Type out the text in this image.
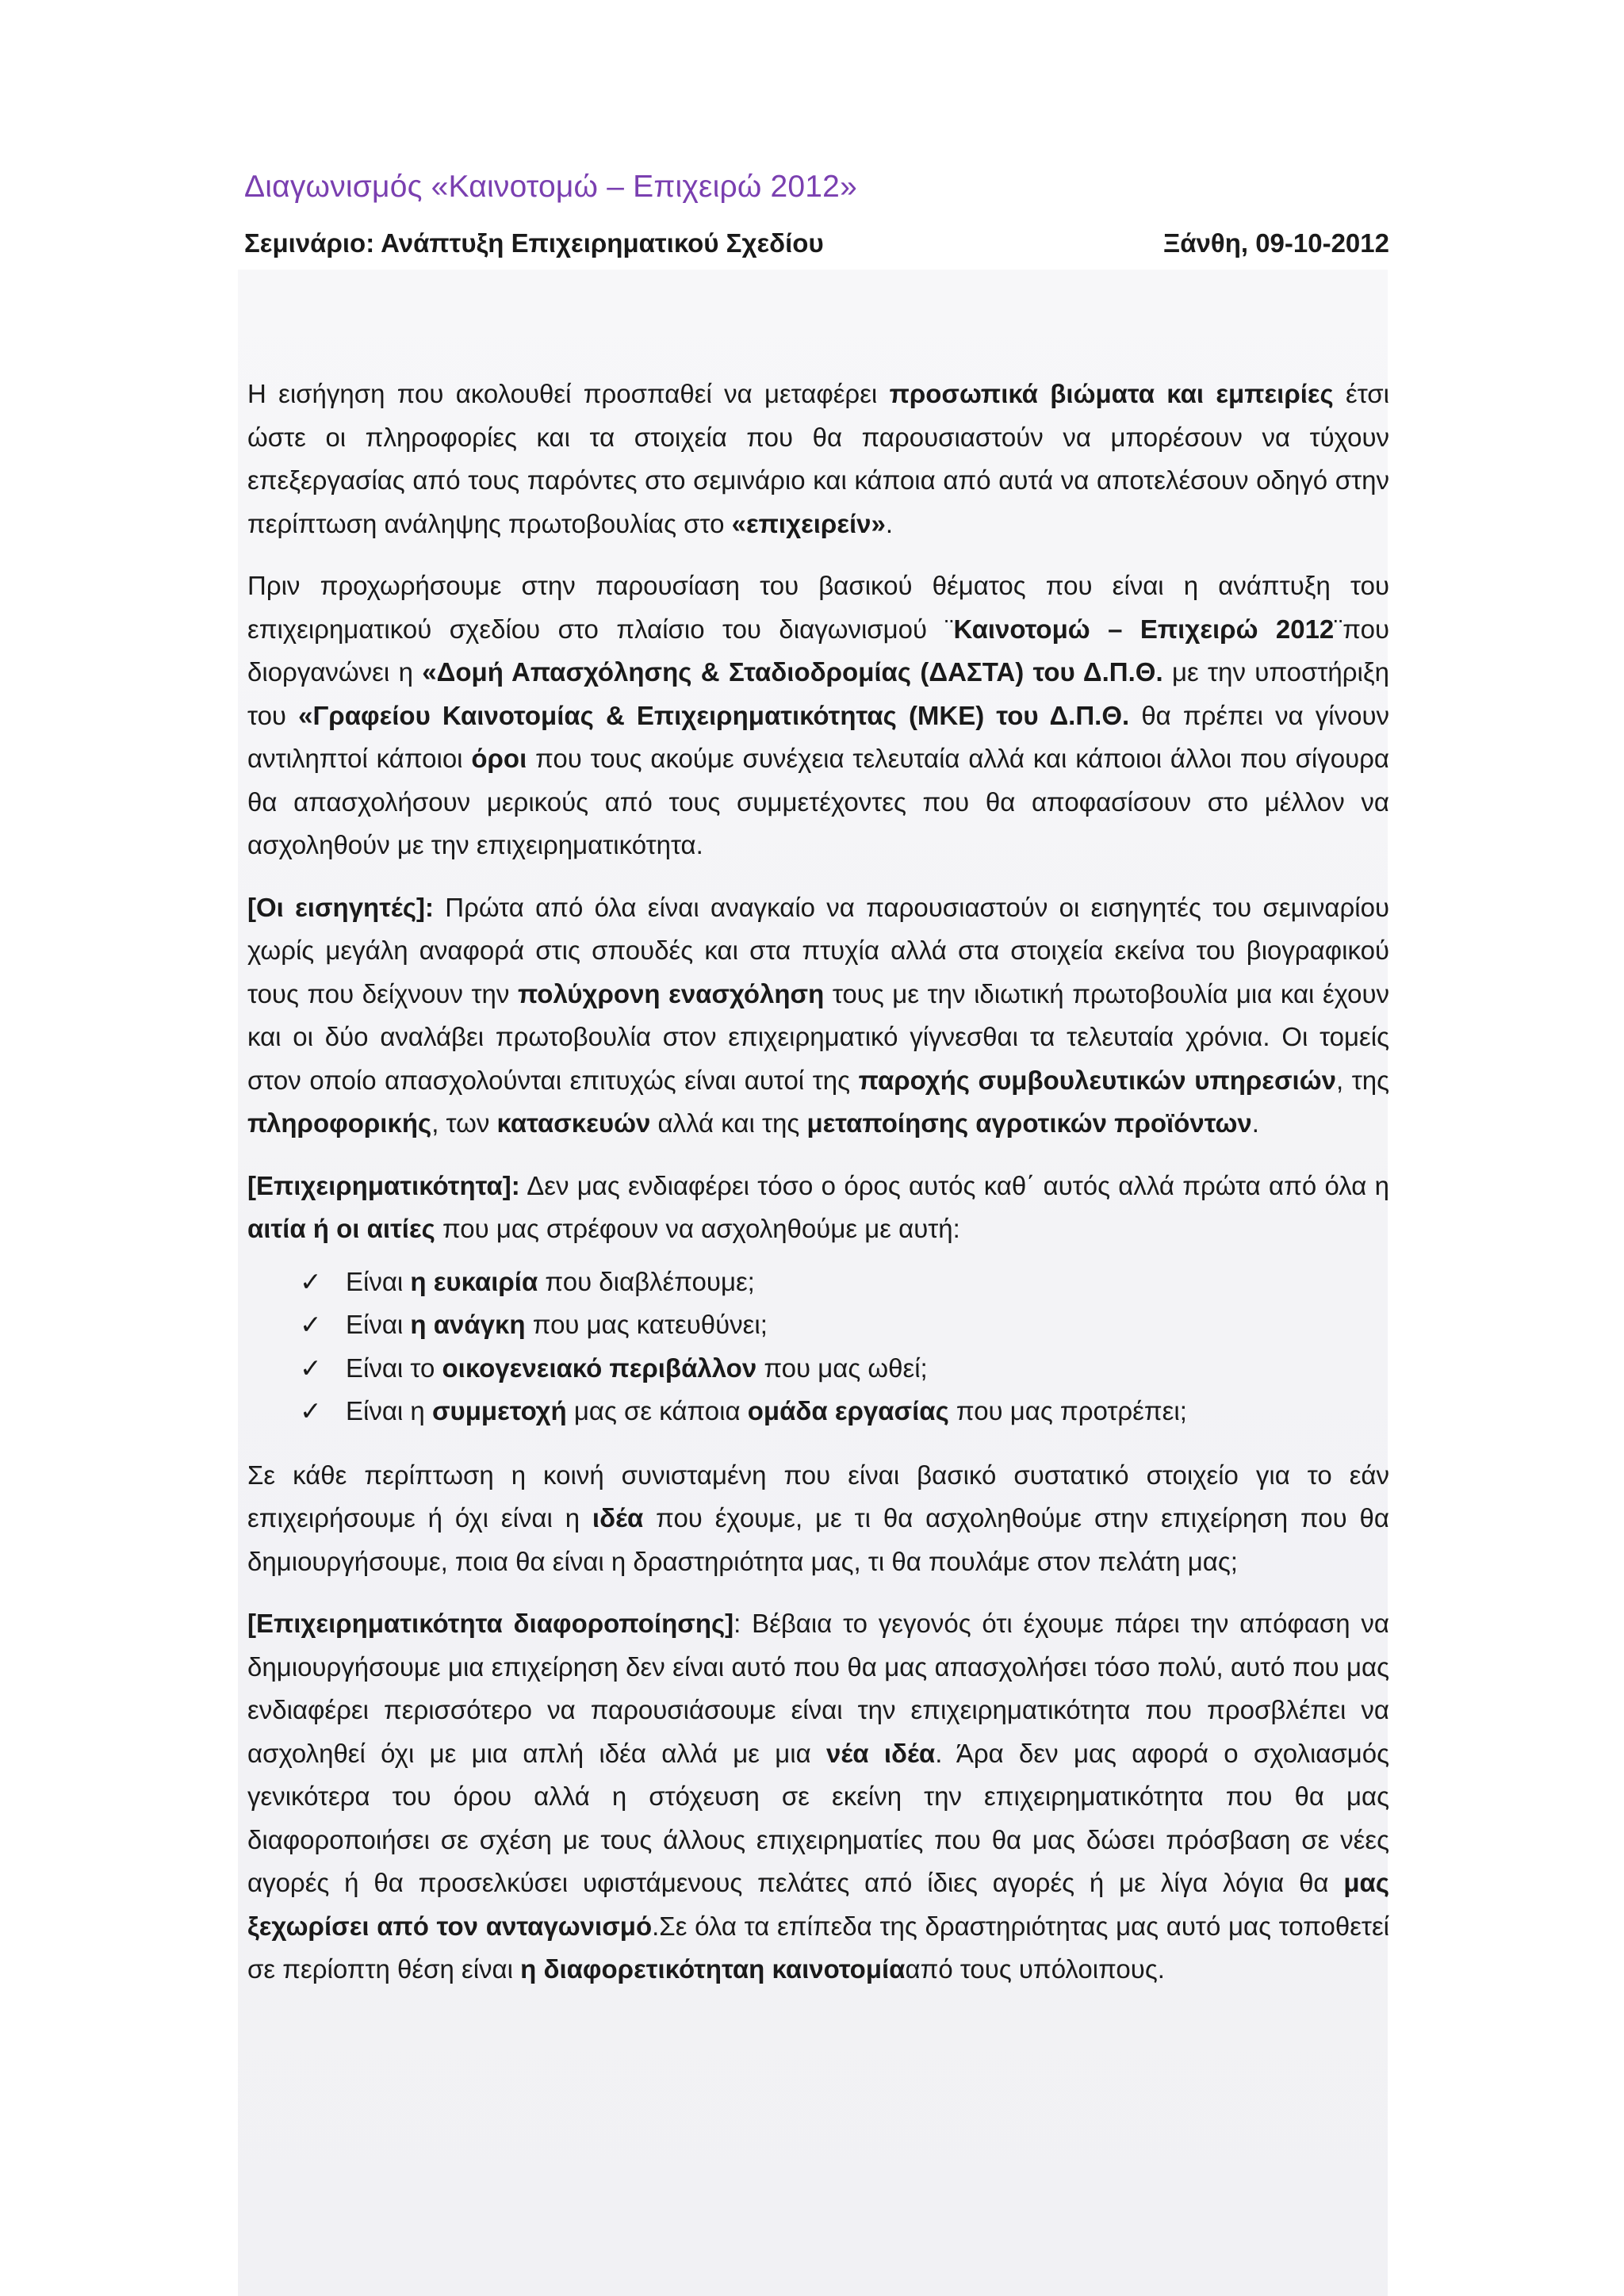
Διαγωνισμός «Καινοτομώ – Επιχειρώ 2012»
Σεμινάριο: Ανάπτυξη Επιχειρηματικού Σχεδίου	Ξάνθη, 09-10-2012

Η εισήγηση που ακολουθεί προσπαθεί να μεταφέρει προσωπικά βιώματα και εμπειρίες έτσι ώστε οι πληροφορίες και τα στοιχεία που θα παρουσιαστούν να μπορέσουν να τύχουν επεξεργασίας από τους παρόντες στο σεμινάριο και κάποια από αυτά να αποτελέσουν οδηγό στην περίπτωση ανάληψης πρωτοβουλίας στο «επιχειρείν».

Πριν προχωρήσουμε στην παρουσίαση του βασικού θέματος που είναι η ανάπτυξη του επιχειρηματικού σχεδίου στο πλαίσιο του διαγωνισμού ¨Καινοτομώ – Επιχειρώ 2012¨που διοργανώνει η «Δομή Απασχόλησης & Σταδιοδρομίας (ΔΑΣΤΑ) του Δ.Π.Θ. με την υποστήριξη του «Γραφείου Καινοτομίας & Επιχειρηματικότητας (ΜΚΕ) του Δ.Π.Θ. θα πρέπει να γίνουν αντιληπτοί κάποιοι όροι που τους ακούμε συνέχεια τελευταία αλλά και κάποιοι άλλοι που σίγουρα θα απασχολήσουν μερικούς από τους συμμετέχοντες που θα αποφασίσουν στο μέλλον να ασχοληθούν με την επιχειρηματικότητα.

[Οι εισηγητές]: Πρώτα από όλα είναι αναγκαίο να παρουσιαστούν οι εισηγητές του σεμιναρίου χωρίς μεγάλη αναφορά στις σπουδές και στα πτυχία αλλά στα στοιχεία εκείνα του βιογραφικού τους που δείχνουν την πολύχρονη ενασχόληση τους με την ιδιωτική πρωτοβουλία μια και έχουν και οι δύο αναλάβει πρωτοβουλία στον επιχειρηματικό γίγνεσθαι τα τελευταία χρόνια. Οι τομείς στον οποίο απασχολούνται επιτυχώς είναι αυτοί της παροχής συμβουλευτικών υπηρεσιών, της πληροφορικής, των κατασκευών αλλά και της μεταποίησης αγροτικών προϊόντων.

[Επιχειρηματικότητα]: Δεν μας ενδιαφέρει τόσο ο όρος αυτός καθ΄ αυτός αλλά πρώτα από όλα η αιτία ή οι αιτίες που μας στρέφουν να ασχοληθούμε με αυτή:

✓ Είναι η ευκαιρία που διαβλέπουμε;
✓ Είναι η ανάγκη που μας κατευθύνει;
✓ Είναι το οικογενειακό περιβάλλον που μας ωθεί;
✓ Είναι η συμμετοχή μας σε κάποια ομάδα εργασίας που μας προτρέπει;

Σε κάθε περίπτωση η κοινή συνισταμένη που είναι βασικό συστατικό στοιχείο για το εάν επιχειρήσουμε ή όχι είναι η ιδέα που έχουμε, με τι θα ασχοληθούμε στην επιχείρηση που θα δημιουργήσουμε, ποια θα είναι η δραστηριότητα μας, τι θα πουλάμε στον πελάτη μας;

[Επιχειρηματικότητα διαφοροποίησης]: Βέβαια το γεγονός ότι έχουμε πάρει την απόφαση να δημιουργήσουμε μια επιχείρηση δεν είναι αυτό που θα μας απασχολήσει τόσο πολύ, αυτό που μας ενδιαφέρει περισσότερο να παρουσιάσουμε είναι την επιχειρηματικότητα που προσβλέπει να ασχοληθεί όχι με μια απλή ιδέα αλλά με μια νέα ιδέα. Άρα δεν μας αφορά ο σχολιασμός γενικότερα του όρου αλλά η στόχευση σε εκείνη την επιχειρηματικότητα που θα μας διαφοροποιήσει σε σχέση με τους άλλους επιχειρηματίες που θα μας δώσει πρόσβαση σε νέες αγορές ή θα προσελκύσει υφιστάμενους πελάτες από ίδιες αγορές ή με λίγα λόγια θα μας ξεχωρίσει από τον ανταγωνισμό.Σε όλα τα επίπεδα της δραστηριότητας μας αυτό μας τοποθετεί σε περίοπτη θέση είναι η διαφορετικότηταη καινοτομίααπό τους υπόλοιπους.
